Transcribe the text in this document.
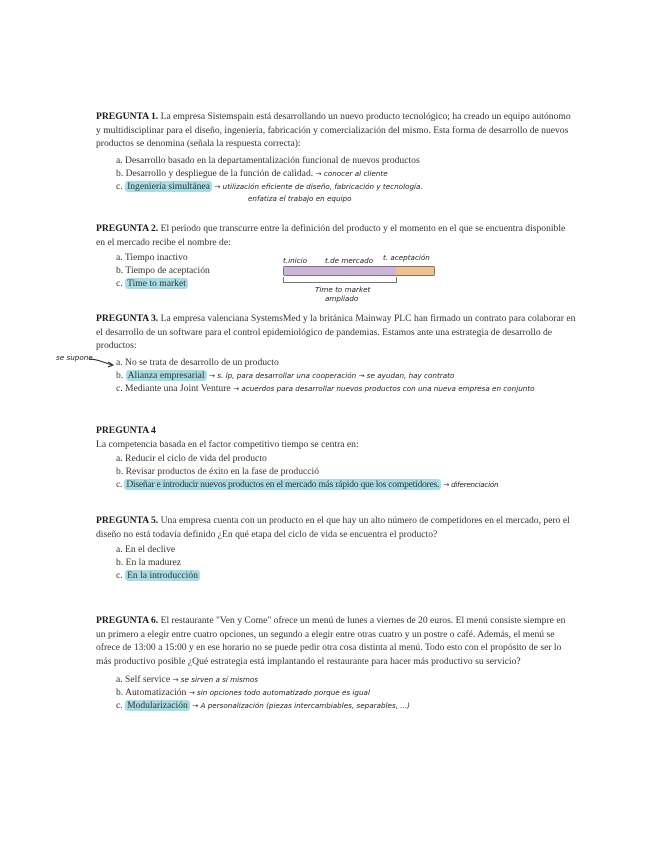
PREGUNTA 1. La empresa Sistemspain está desarrollando un nuevo producto tecnológico; ha creado un equipo autónomo y multidisciplinar para el diseño, ingeniería, fabricación y comercialización del mismo. Esta forma de desarrollo de nuevos productos se denomina (señala la respuesta correcta):

a. Desarrollo basado en la departamentalización funcional de nuevos productos
b. Desarrollo y despliegue de la función de calidad. → conocer al cliente
c. Ingeniería simultánea → utilización eficiente de diseño, fabricación y tecnología.
enfatiza el trabajo en equipo

PREGUNTA 2. El periodo que transcurre entre la definición del producto y el momento en el que se encuentra disponible en el mercado recibe el nombre de:

a. Tiempo inactivo
b. Tiempo de aceptación
c. Time to market
t.inicio	t.de mercado t. aceptación
Time to market
ampliado

PREGUNTA 3. La empresa valenciana SystemsMed y la británica Mainway PLC han firmado un contrato para colaborar en el desarrollo de un software para el control epidemiológico de pandemias. Estamos ante una estrategia de desarrollo de productos:

a. No se trata de desarrollo de un producto
b. Alianza empresarial → s. lp, para desarrollar una cooperación → se ayudan, hay contrato
c. Mediante una Joint Venture → acuerdos para desarrollar nuevos productos con una nueva empresa en conjunto
se supone

PREGUNTA 4

La competencia basada en el factor competitivo tiempo se centra en:

a. Reducir el ciclo de vida del producto
b. Revisar productos de éxito en la fase de producció
c. Diseñar e introducir nuevos productos en el mercado más rápido que los competidores. → diferenciación

PREGUNTA 5. Una empresa cuenta con un producto en el que hay un alto número de competidores en el mercado, pero el diseño no está todavía definido ¿En qué etapa del ciclo de vida se encuentra el producto?

a. En el declive
b. En la madurez
c. En la introducción

PREGUNTA 6. El restaurante "Ven y Come" ofrece un menú de lunes a viernes de 20 euros. El menú consiste siempre en un primero a elegir entre cuatro opciones, un segundo a elegir entre otras cuatro y un postre o café. Además, el menú se ofrece de 13:00 a 15:00 y en ese horario no se puede pedir otra cosa distinta al menú. Todo esto con el propósito de ser lo más productivo posible ¿Qué estrategia está implantando el restaurante para hacer más productivo su servicio?

a. Self service → se sirven a sí mismos
b. Automatización → sin opciones todo automatizado porque es igual
c. Modularización → A personalización (piezas intercambiables, separables, ...)
